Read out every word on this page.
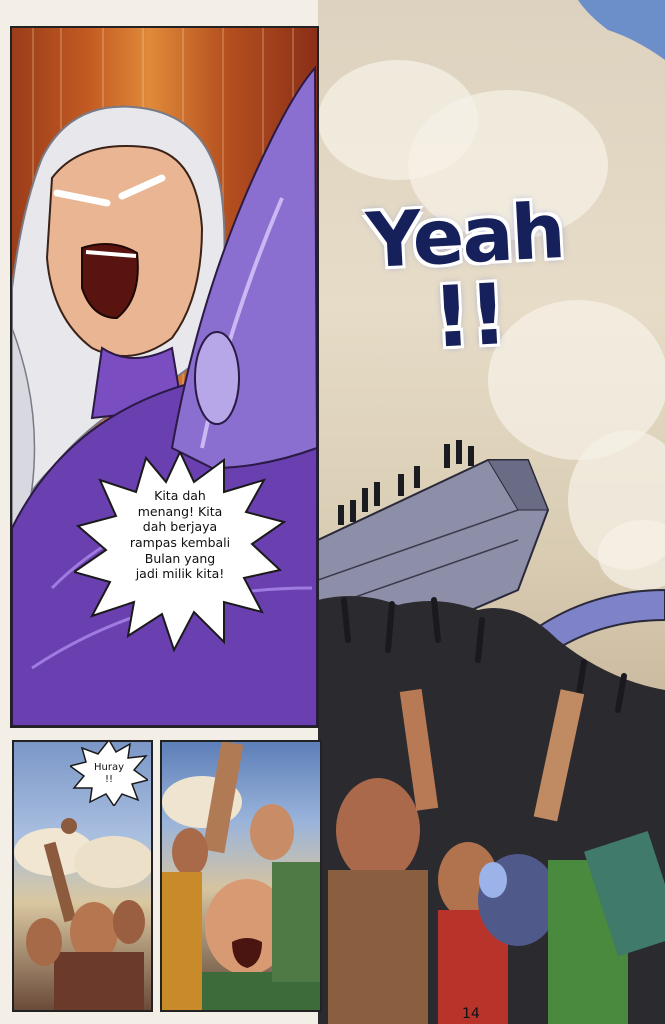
Yeah
!!
Kita dah
menang! Kita
dah berjaya
rampas kembali
Bulan yang
jadi milik kita!
Huray
!!
14
